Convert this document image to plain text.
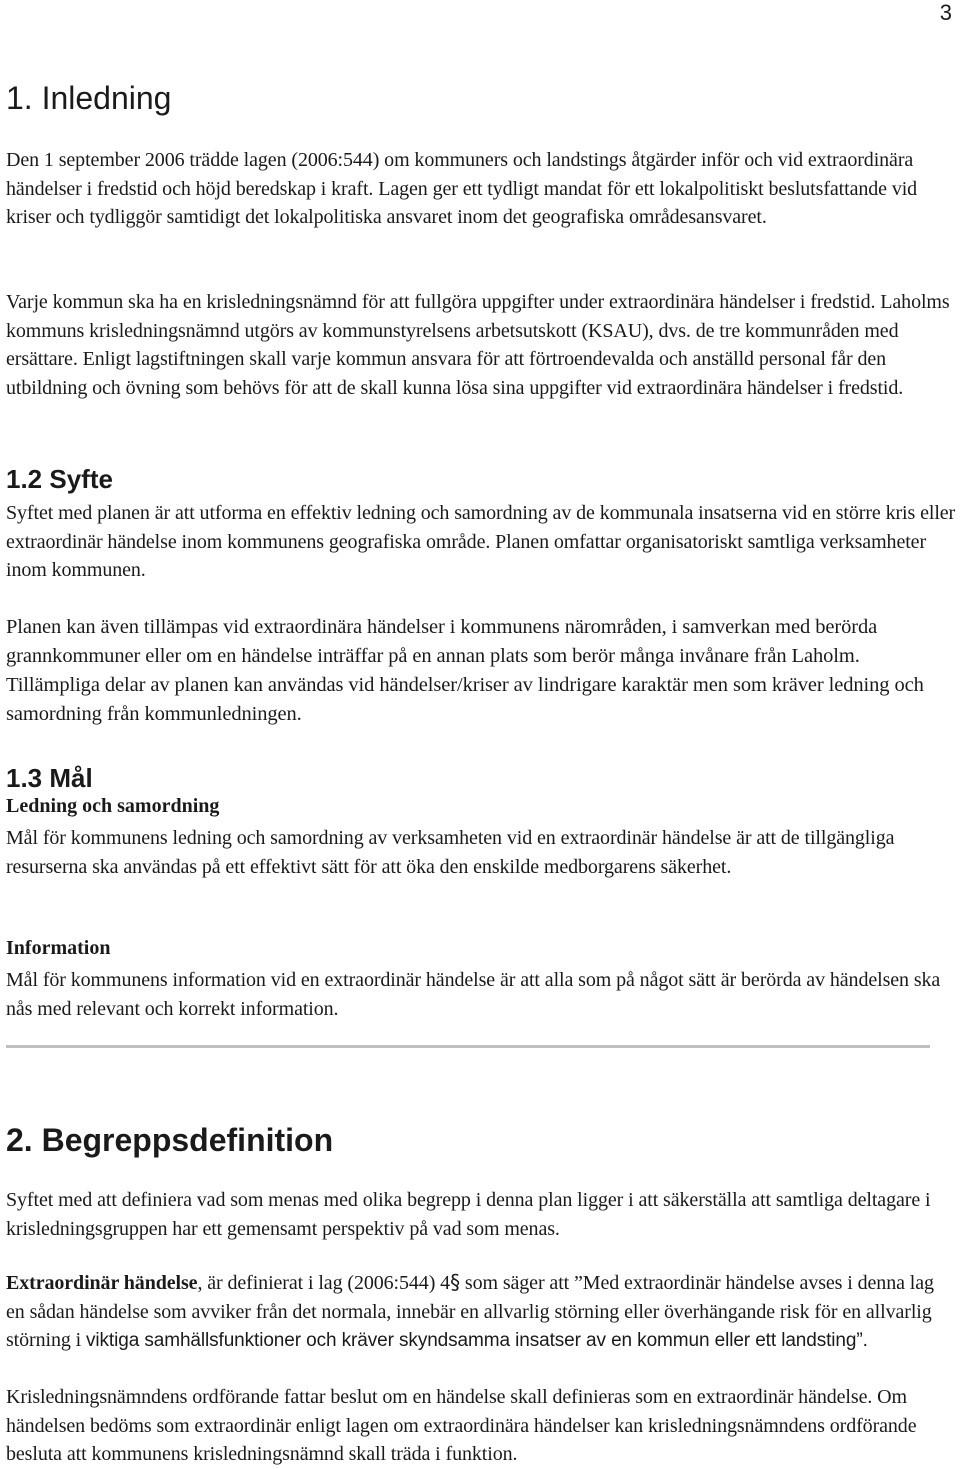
3
1. Inledning

Den 1 september 2006 trädde lagen (2006:544) om kommuners och landstings åtgärder inför och vid extraordinära händelser i fredstid och höjd beredskap i kraft. Lagen ger ett tydligt mandat för ett lokalpolitiskt beslutsfattande vid kriser och tydliggör samtidigt det lokalpolitiska ansvaret inom det geografiska områdesansvaret.

Varje kommun ska ha en krisledningsnämnd för att fullgöra uppgifter under extraordinära händelser i fredstid. Laholms kommuns krisledningsnämnd utgörs av kommunstyrelsens arbetsutskott (KSAU), dvs. de tre kommunråden med ersättare. Enligt lagstiftningen skall varje kommun ansvara för att förtroendevalda och anställd personal får den utbildning och övning som behövs för att de skall kunna lösa sina uppgifter vid extraordinära händelser i fredstid.

1.2 Syfte

Syftet med planen är att utforma en effektiv ledning och samordning av de kommunala insatserna vid en större kris eller extraordinär händelse inom kommunens geografiska område. Planen omfattar organisatoriskt samtliga verksamheter inom kommunen.

Planen kan även tillämpas vid extraordinära händelser i kommunens närområden, i samverkan med berörda grannkommuner eller om en händelse inträffar på en annan plats som berör många invånare från Laholm. Tillämpliga delar av planen kan användas vid händelser/kriser av lindrigare karaktär men som kräver ledning och samordning från kommunledningen.

1.3 Mål
Ledning och samordning

Mål för kommunens ledning och samordning av verksamheten vid en extraordinär händelse är att de tillgängliga resurserna ska användas på ett effektivt sätt för att öka den enskilde medborgarens säkerhet.

Information

Mål för kommunens information vid en extraordinär händelse är att alla som på något sätt är berörda av händelsen ska nås med relevant och korrekt information.

2. Begreppsdefinition

Syftet med att definiera vad som menas med olika begrepp i denna plan ligger i att säkerställa att samtliga deltagare i krisledningsgruppen har ett gemensamt perspektiv på vad som menas.

Extraordinär händelse, är definierat i lag (2006:544) 4§ som säger att ”Med extraordinär händelse avses i denna lag en sådan händelse som avviker från det normala, innebär en allvarlig störning eller överhängande risk för en allvarlig störning i viktiga samhällsfunktioner och kräver skyndsamma insatser av en kommun eller ett landsting”.

Krisledningsnämndens ordförande fattar beslut om en händelse skall definieras som en extraordinär händelse. Om händelsen bedöms som extraordinär enligt lagen om extraordinära händelser kan krisledningsnämndens ordförande besluta att kommunens krisledningsnämnd skall träda i funktion.
